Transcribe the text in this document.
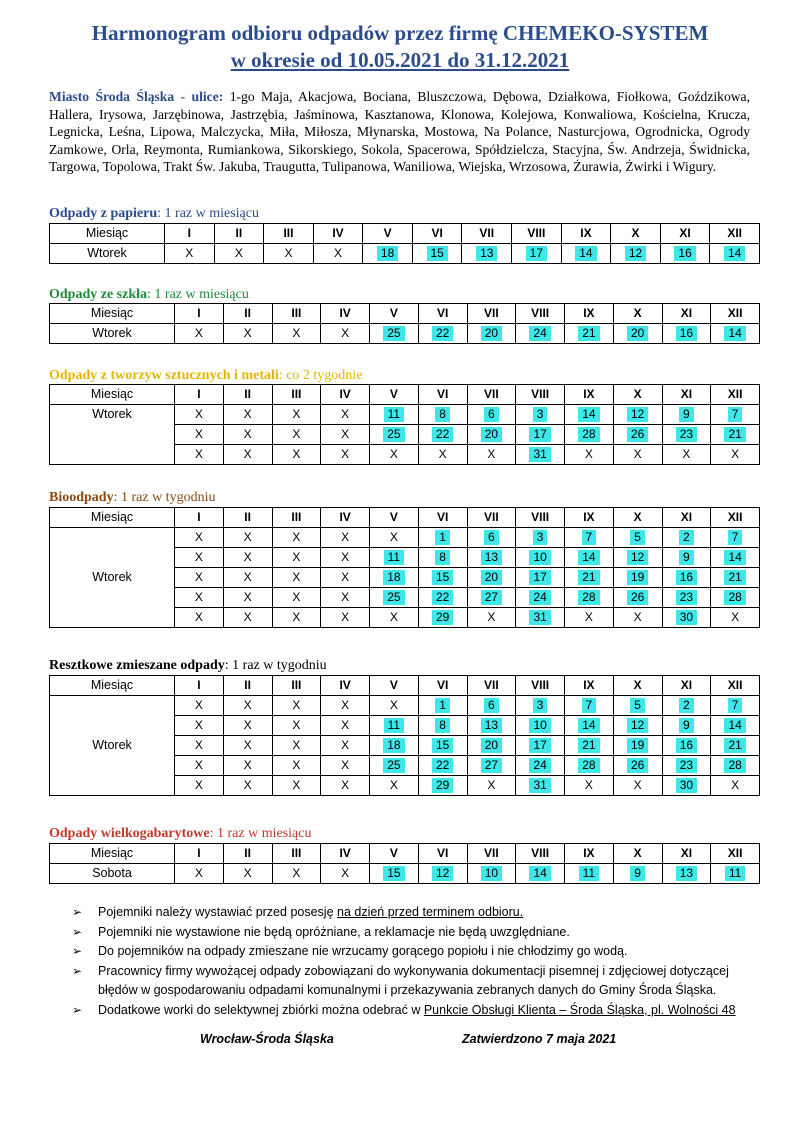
Harmonogram odbioru odpadów przez firmę CHEMEKO-SYSTEM
w okresie od 10.05.2021 do 31.12.2021
Miasto Środa Śląska - ulice: 1-go Maja, Akacjowa, Bociana, Bluszczowa, Dębowa, Działkowa, Fiołkowa, Goździkowa, Hallera, Irysowa, Jarzębinowa, Jastrzębia, Jaśminowa, Kasztanowa, Klonowa, Kolejowa, Konwaliowa, Kościelna, Krucza, Legnicka, Leśna, Lipowa, Malczycka, Miła, Miłosza, Młynarska, Mostowa, Na Polance, Nasturcjowa, Ogrodnicka, Ogrody Zamkowe, Orla, Reymonta, Rumiankowa, Sikorskiego, Sokola, Spacerowa, Spółdzielcza, Stacyjna, Św. Andrzeja, Świdnicka, Targowa, Topolowa, Trakt Św. Jakuba, Traugutta, Tulipanowa, Waniliowa, Wiejska, Wrzosowa, Żurawia, Żwirki i Wigury.
Odpady z papieru: 1 raz w miesiącu
Miesiąc	I	II	III	IV	V	VI	VII	VIII	IX	X	XI	XII
Wtorek	X	X	X	X	18	15	13	17	14	12	16	14
Odpady ze szkła: 1 raz w miesiącu
Miesiąc	I	II	III	IV	V	VI	VII	VIII	IX	X	XI	XII
Wtorek	X	X	X	X	25	22	20	24	21	20	16	14
Odpady z tworzyw sztucznych i metali: co 2 tygodnie
Miesiąc	I	II	III	IV	V	VI	VII	VIII	IX	X	XI	XII
Wtorek	X	X	X	X	11	8	6	3	14	12	9	7
	X	X	X	X	25	22	20	17	28	26	23	21
	X	X	X	X	X	X	X	31	X	X	X	X
Bioodpady: 1 raz w tygodniu
Miesiąc	I	II	III	IV	V	VI	VII	VIII	IX	X	XI	XII
Wtorek	X	X	X	X	X	1	6	3	7	5	2	7
	X	X	X	X	11	8	13	10	14	12	9	14
	X	X	X	X	18	15	20	17	21	19	16	21
	X	X	X	X	25	22	27	24	28	26	23	28
	X	X	X	X	X	29	X	31	X	X	30	X
Resztkowe zmieszane odpady: 1 raz w tygodniu
Miesiąc	I	II	III	IV	V	VI	VII	VIII	IX	X	XI	XII
Wtorek	X	X	X	X	X	1	6	3	7	5	2	7
	X	X	X	X	11	8	13	10	14	12	9	14
	X	X	X	X	18	15	20	17	21	19	16	21
	X	X	X	X	25	22	27	24	28	26	23	28
	X	X	X	X	X	29	X	31	X	X	30	X
Odpady wielkogabarytowe: 1 raz w miesiącu
Miesiąc	I	II	III	IV	V	VI	VII	VIII	IX	X	XI	XII
Sobota	X	X	X	X	15	12	10	14	11	9	13	11
➢ Pojemniki należy wystawiać przed posesję na dzień przed terminem odbioru.
➢ Pojemniki nie wystawione nie będą opróżniane, a reklamacje nie będą uwzględniane.
➢ Do pojemników na odpady zmieszane nie wrzucamy gorącego popiołu i nie chłodzimy go wodą.
➢ Pracownicy firmy wywożącej odpady zobowiązani do wykonywania dokumentacji pisemnej i zdjęciowej dotyczącej błędów w gospodarowaniu odpadami komunalnymi i przekazywania zebranych danych do Gminy Środa Śląska.
➢ Dodatkowe worki do selektywnej zbiórki można odebrać w Punkcie Obsługi Klienta – Środa Śląska, pl. Wolności 48
Wrocław-Środa Śląska	Zatwierdzono 7 maja 2021
